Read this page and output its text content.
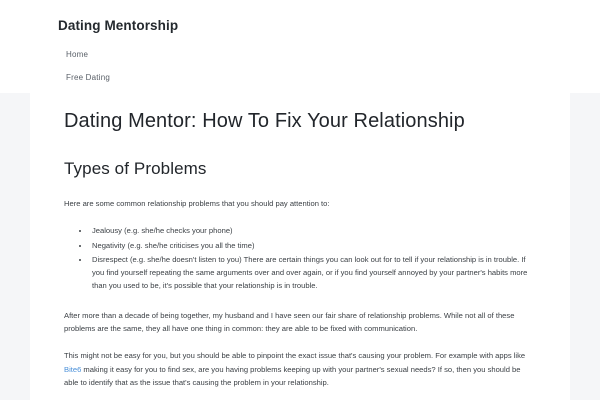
Dating Mentorship
Home
Free Dating
Dating Mentor: How To Fix Your Relationship
Types of Problems

Here are some common relationship problems that you should pay attention to:

• Jealousy (e.g. she/he checks your phone)
• Negativity (e.g. she/he criticises you all the time)
• Disrespect (e.g. she/he doesn't listen to you) There are certain things you can look out for to tell if your relationship is in trouble. If you find yourself repeating the same arguments over and over again, or if you find yourself annoyed by your partner's habits more than you used to be, it's possible that your relationship is in trouble.

After more than a decade of being together, my husband and I have seen our fair share of relationship problems. While not all of these problems are the same, they all have one thing in common: they are able to be fixed with communication.

This might not be easy for you, but you should be able to pinpoint the exact issue that's causing your problem. For example with apps like Bite6 making it easy for you to find sex, are you having problems keeping up with your partner's sexual needs? If so, then you should be able to identify that as the issue that's causing the problem in your relationship.
